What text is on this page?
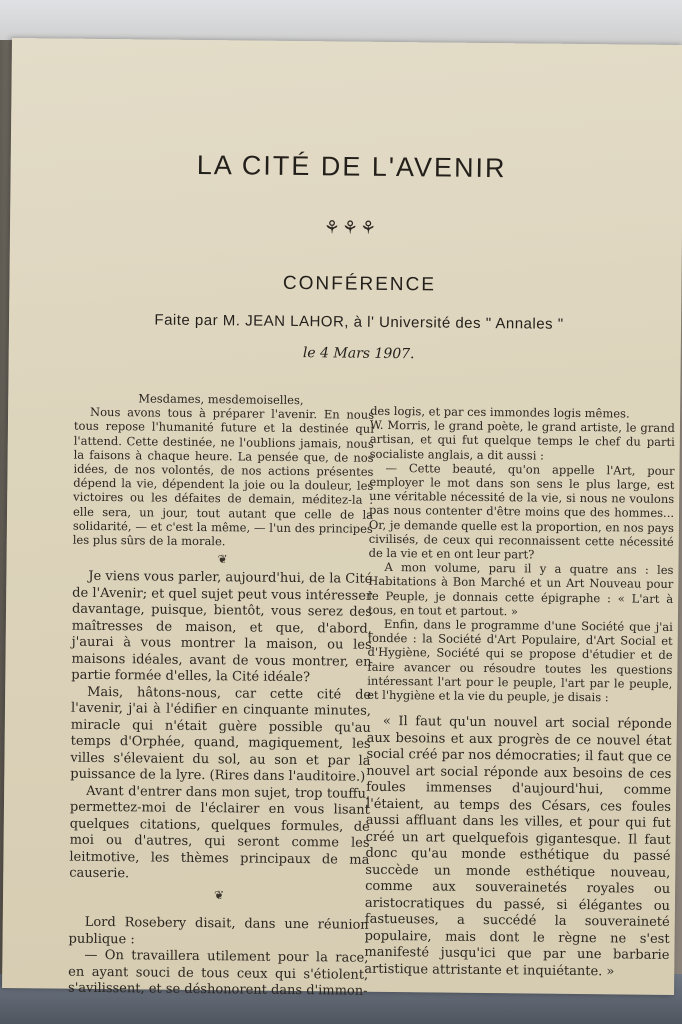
LA CITÉ DE L'AVENIR
⚘⚘⚘
CONFÉRENCE
Faite par M. JEAN LAHOR, à l' Université des " Annales "
le 4 Mars 1907.

Mesdames, mesdemoiselles,

Nous avons tous à préparer l'avenir. En nous tous repose l'humanité future et la destinée qui l'attend. Cette destinée, ne l'oublions jamais, nous la faisons à chaque heure. La pensée que, de nos idées, de nos volontés, de nos actions présentes dépend la vie, dépendent la joie ou la douleur, les victoires ou les défaites de demain, méditez-la : elle sera, un jour, tout autant que celle de la solidarité, — et c'est la même, — l'un des principes les plus sûrs de la morale.

❦

Je viens vous parler, aujourd'hui, de la Cité de l'Avenir; et quel sujet peut vous intéresser davantage, puisque, bientôt, vous serez des maîtresses de maison, et que, d'abord, j'aurai à vous montrer la maison, ou les maisons idéales, avant de vous montrer, en partie formée d'elles, la Cité idéale?

Mais, hâtons-nous, car cette cité de l'avenir, j'ai à l'édifier en cinquante minutes, miracle qui n'était guère possible qu'au temps d'Orphée, quand, magiquement, les villes s'élevaient du sol, au son et par la puissance de la lyre. (Rires dans l'auditoire.)

Avant d'entrer dans mon sujet, trop touffu, permettez-moi de l'éclairer en vous lisant quelques citations, quelques formules, de moi ou d'autres, qui seront comme les leitmotive, les thèmes principaux de ma causerie.

❦

Lord Rosebery disait, dans une réunion publique :

— On travaillera utilement pour la race, en ayant souci de tous ceux qui s'étiolent, s'avilissent, et se déshonorent dans d'immon-

des logis, et par ces immondes logis mêmes.

W. Morris, le grand poète, le grand artiste, le grand artisan, et qui fut quelque temps le chef du parti socialiste anglais, a dit aussi :

— Cette beauté, qu'on appelle l'Art, pour employer le mot dans son sens le plus large, est une véritable nécessité de la vie, si nous ne voulons pas nous contenter d'être moins que des hommes... Or, je demande quelle est la proportion, en nos pays civilisés, de ceux qui reconnaissent cette nécessité de la vie et en ont leur part?

A mon volume, paru il y a quatre ans : les Habitations à Bon Marché et un Art Nouveau pour le Peuple, je donnais cette épigraphe : « L'art à tous, en tout et partout. »

Enfin, dans le programme d'une Société que j'ai fondée : la Société d'Art Populaire, d'Art Social et d'Hygiène, Société qui se propose d'étudier et de faire avancer ou résoudre toutes les questions intéressant l'art pour le peuple, l'art par le peuple, et l'hygiène et la vie du peuple, je disais :

« Il faut qu'un nouvel art social réponde aux besoins et aux progrès de ce nouvel état social créé par nos démocraties; il faut que ce nouvel art social réponde aux besoins de ces foules immenses d'aujourd'hui, comme l'étaient, au temps des Césars, ces foules aussi affluant dans les villes, et pour qui fut créé un art quelquefois gigantesque. Il faut donc qu'au monde esthétique du passé succède un monde esthétique nouveau, comme aux souverainetés royales ou aristocratiques du passé, si élégantes ou fastueuses, a succédé la souveraineté populaire, mais dont le règne ne s'est manifesté jusqu'ici que par une barbarie artistique attristante et inquiétante. »
